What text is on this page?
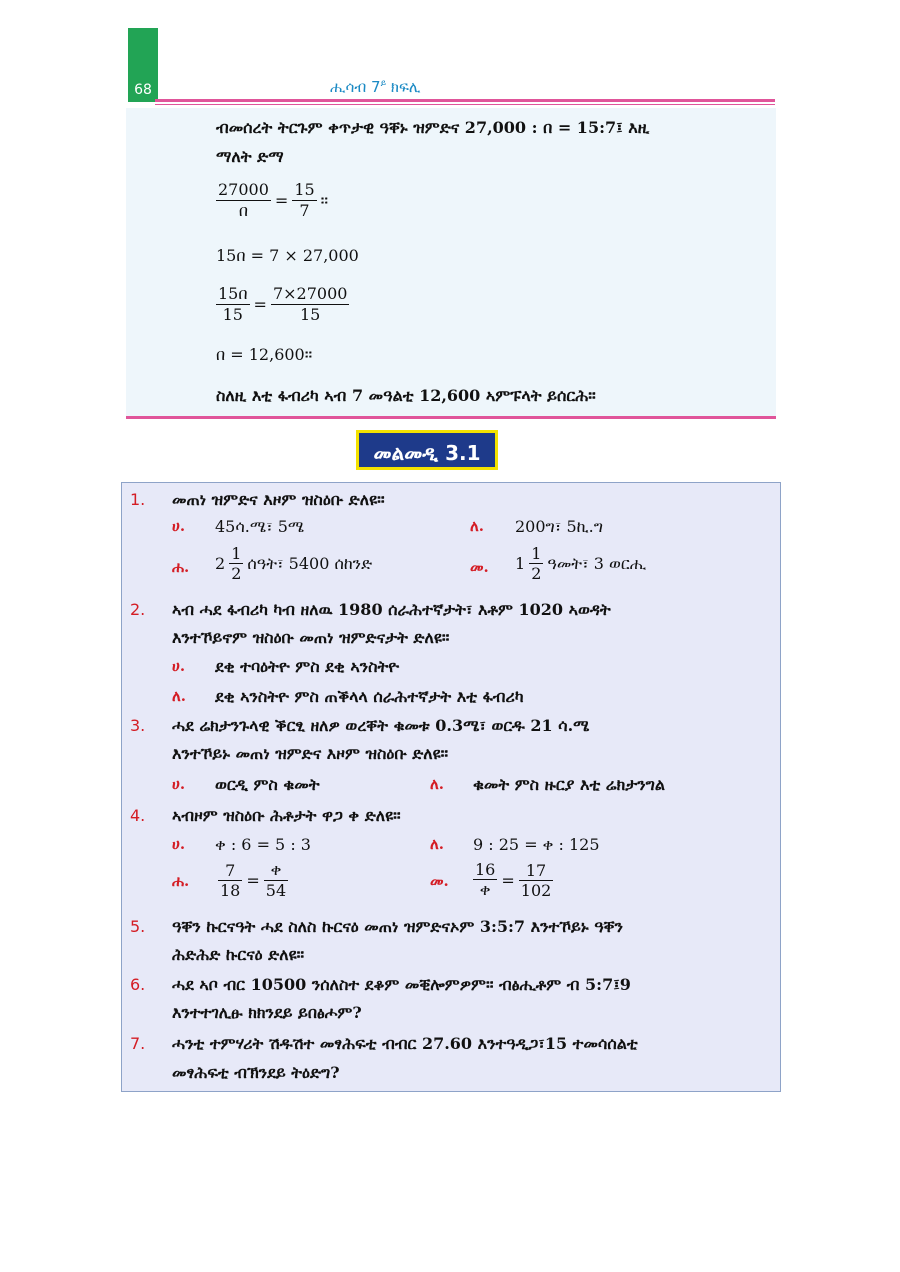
68	ሒሳብ $7^ይ$ ክፍሊ
ብመሰረት ትርጉም ቀጥታዊ ዓቐኑ ዝምድና 27,000 : በ = 15:7፤ እዚ
ማለት ድማ
$\frac{27000}{\text{በ}} = \frac{15}{7}$ ።
15በ = 7 × 27,000
$\frac{\text{15በ}}{15} = \frac{7\times 27000}{15}$
በ = 12,600።
ስለዚ እቲ ፋብሪካ ኣብ 7 መዓልቲ 12,600 ኣምፑላት ይሰርሕ።
መልመዲ 3.1
1. መጠነ ዝምድና እዞም ዝስዕቡ ድለዩ።
ሀ. 45ሳ.ሜ፣ 5ሜ	ለ. 200ግ፣ 5ኪ.ግ
ሐ. $2 \frac{1}{2}$ ሰዓት፣ 5400 ሰከንድ	መ. $1 \frac{1}{2}$ ዓመት፣ 3 ወርሒ
2. ኣብ ሓደ ፋብሪካ ካብ ዘለዉ 1980 ሰራሕተኛታት፣ እቶም 1020 ኣወዳት
እንተኾይኖም ዝስዕቡ መጠነ ዝምድናታት ድለዩ።
ሀ. ደቂ ተባዕትዮ ምስ ደቂ ኣንስትዮ
ለ. ደቂ ኣንስትዮ ምስ ጠቕላላ ሰራሕተኛታት እቲ ፋብሪካ
3. ሓደ ሬክታንጉላዊ ቕርፂ ዘለዎ ወረቐት ቁመቱ 0.3ሜ፣ ወርዱ 21 ሳ.ሜ
እንተኾይኑ መጠነ ዝምድና እዞም ዝስዕቡ ድለዩ።
ሀ. ወርዲ ምስ ቁመት	ለ. ቁመት ምስ ዙርያ እቲ ሬክታንግል
4. ኣብዞም ዝስዕቡ ሕቶታት ዋጋ ቀ ድለዩ።
ሀ. ቀ : 6 = 5 : 3	ለ. 9 : 25 = ቀ : 125
ሐ. $\frac{7}{18} = \frac{\text{ቀ}}{54}$	መ. $\frac{16}{\text{ቀ}} = \frac{17}{102}$
5. ዓቐን ኩርናዓት ሓደ ስለስ ኩርናዕ መጠነ ዝምድናኦም 3:5:7 እንተኾይኑ ዓቐን
ሕድሕድ ኩርናዕ ድለዩ።
6. ሓደ ኣቦ ብር 10500 ንሰለስተ ደቆም መቒሎምዎም። ብፅሒቶም ብ 5:7፤9
እንተተገሊፁ ክክንደይ ይበፅሖም?
7. ሓንቲ ተምሃሪት ሽዱሽተ መፃሕፍቲ ብብር 27.60 እንተዓዲጋ፣15 ተመሳሰልቲ
መፃሕፍቲ ብኽንደይ ትዕድግ?
